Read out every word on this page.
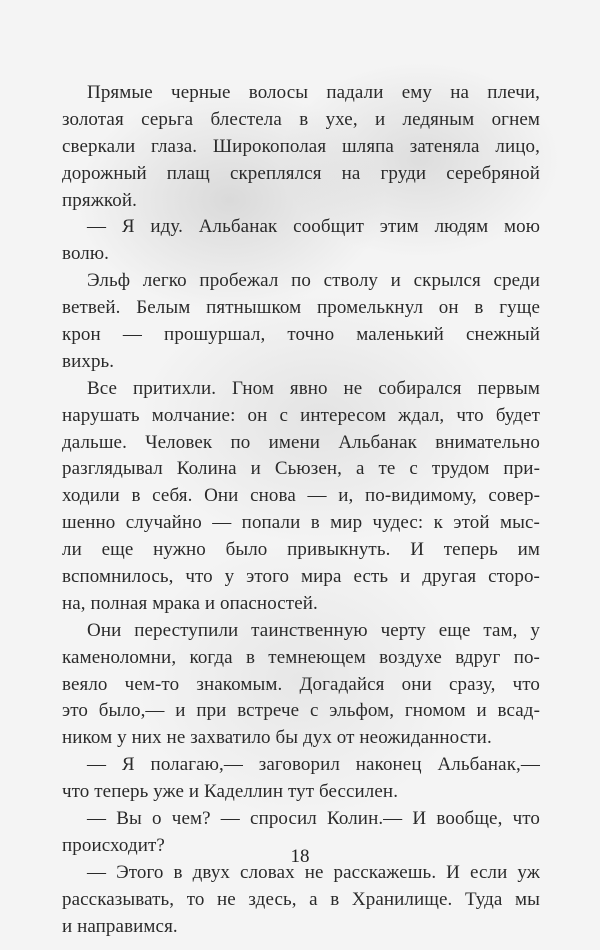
Прямые черные волосы падали ему на плечи,
золотая серьга блестела в ухе, и ледяным огнем
сверкали глаза. Широкополая шляпа затеняла лицо,
дорожный плащ скреплялся на груди серебряной
пряжкой.
— Я иду. Альбанак сообщит этим людям мою
волю.
Эльф легко пробежал по стволу и скрылся среди
ветвей. Белым пятнышком промелькнул он в гуще
крон — прошуршал, точно маленький снежный
вихрь.
Все притихли. Гном явно не собирался первым
нарушать молчание: он с интересом ждал, что будет
дальше. Человек по имени Альбанак внимательно
разглядывал Колина и Сьюзен, а те с трудом при-
ходили в себя. Они снова — и, по-видимому, совер-
шенно случайно — попали в мир чудес: к этой мыс-
ли еще нужно было привыкнуть. И теперь им
вспомнилось, что у этого мира есть и другая сторо-
на, полная мрака и опасностей.
Они переступили таинственную черту еще там, у
каменоломни, когда в темнеющем воздухе вдруг по-
веяло чем-то знакомым. Догадайся они сразу, что
это было,— и при встрече с эльфом, гномом и всад-
ником у них не захватило бы дух от неожиданности.
— Я полагаю,— заговорил наконец Альбанак,—
что теперь уже и Каделлин тут бессилен.
— Вы о чем? — спросил Колин.— И вообще, что
происходит?
— Этого в двух словах не расскажешь. И если уж
рассказывать, то не здесь, а в Хранилище. Туда мы
и направимся.
18
